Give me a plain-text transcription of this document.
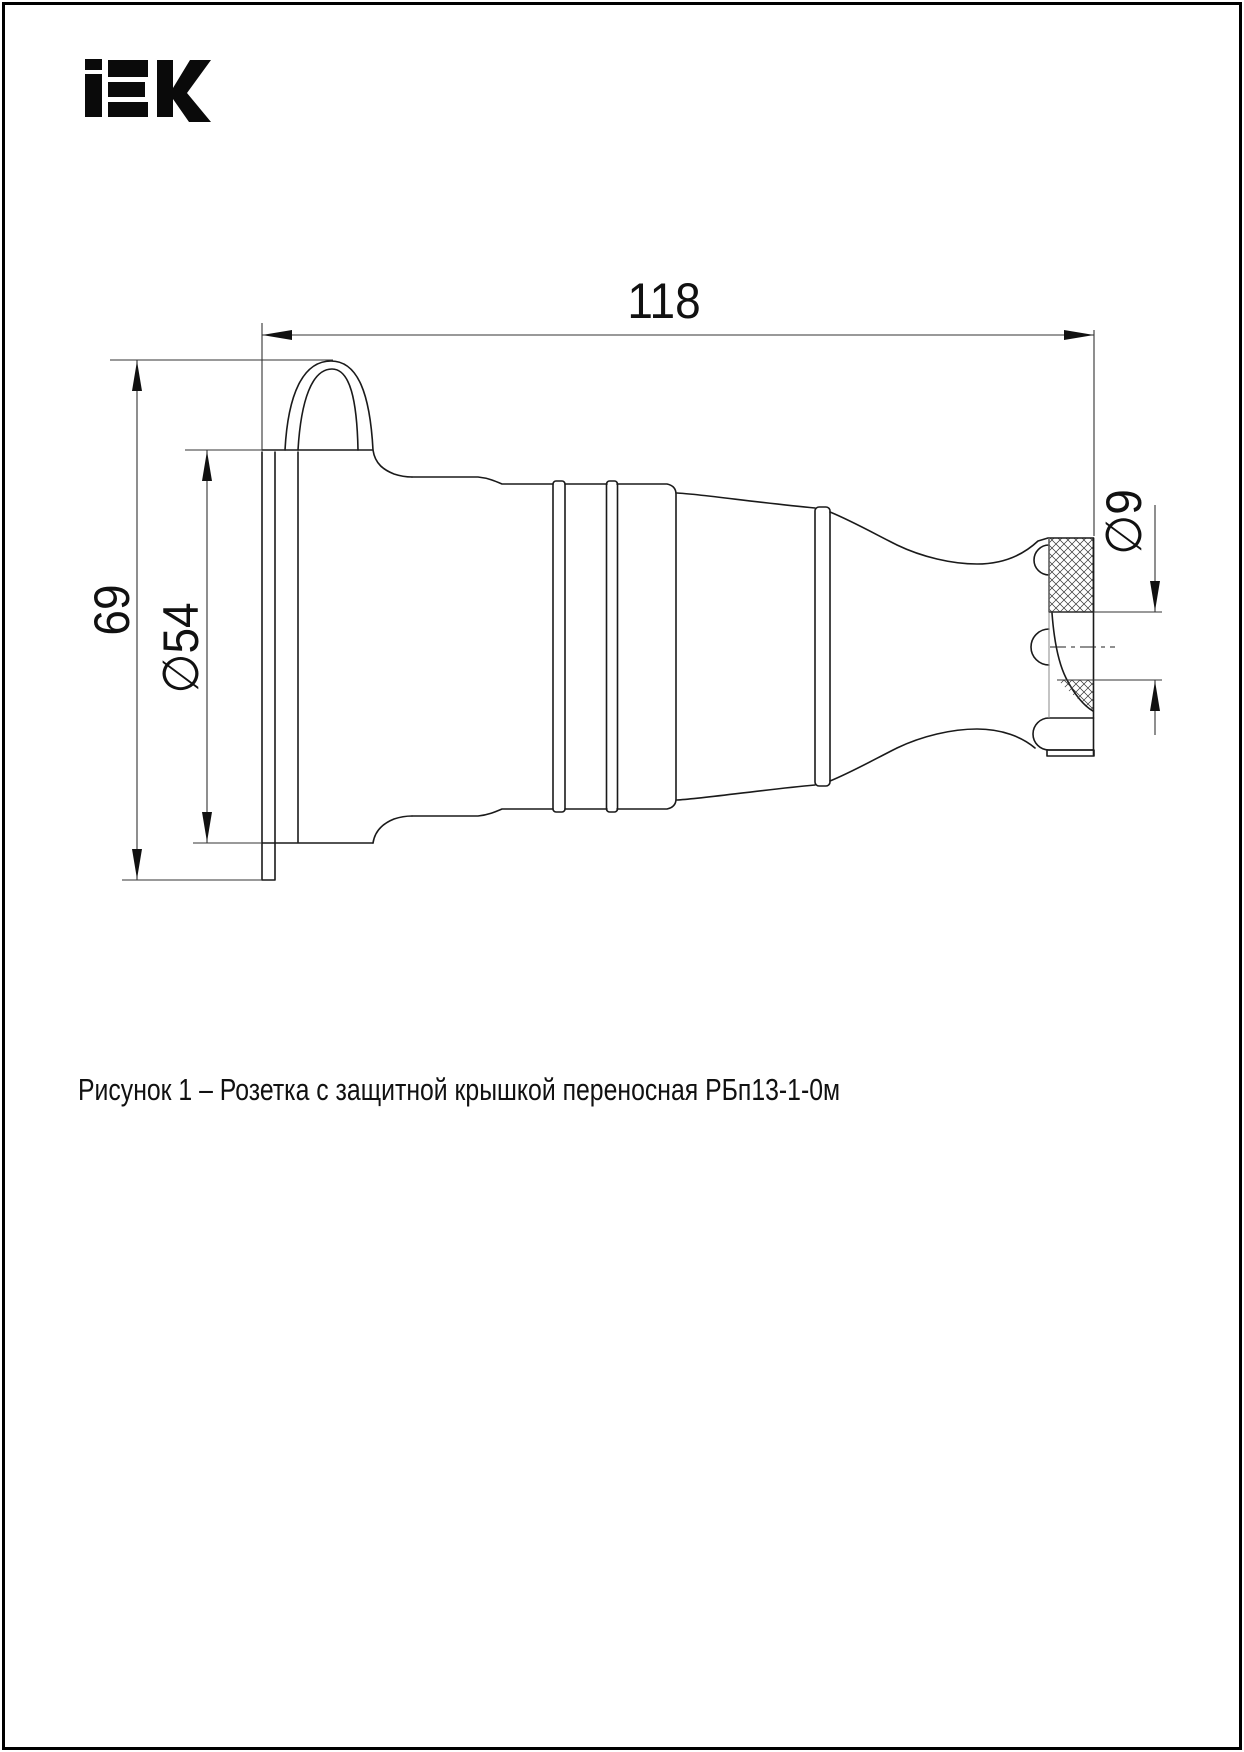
118
69 ∅54
∅9
Рисунок 1 – Розетка с защитной крышкой переносная РБп13-1-0м
